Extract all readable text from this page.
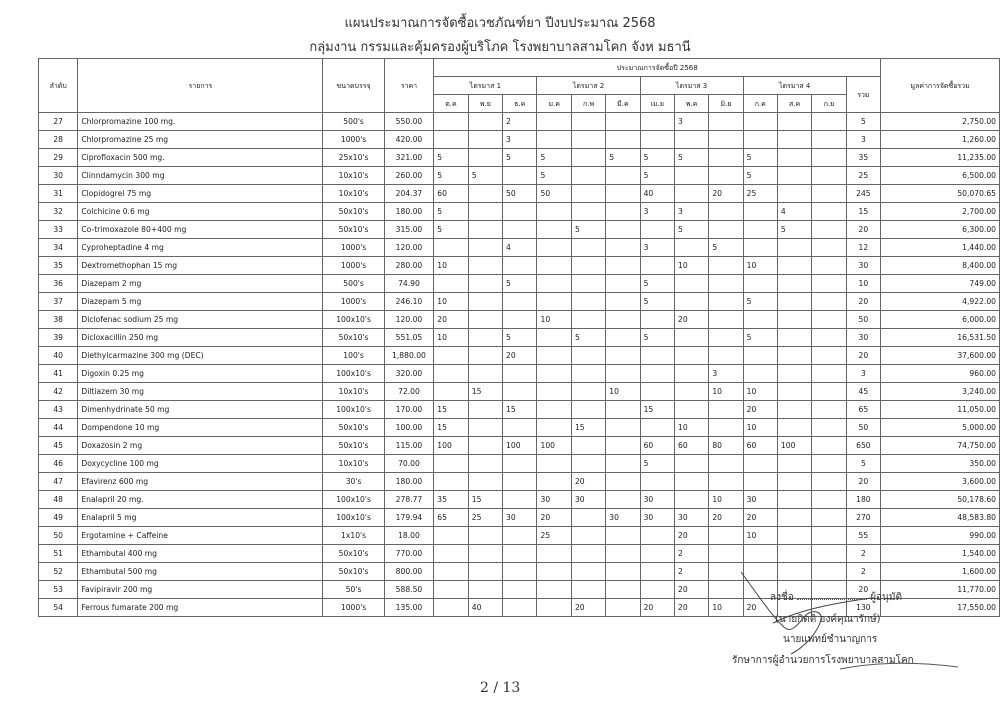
แผนประมาณการจัดซื้อเวชภัณฑ์ยา ปีงบประมาณ 2568
กลุ่มงาน กรรมและคุ้มครองผู้บริโภค โรงพยาบาลสามโคก จังห มธานี
ลำดับ	รายการ	ขนาดบรรจุ	ราคา	ประมาณการจัดซื้อปี 2568													มูลค่าการจัดซื้อรวม
				ไตรมาส 1			ไตรมาส 2			ไตรมาส 3			ไตรมาส 4			รวม	
				ต.ค	พ.ย	ธ.ค	ม.ค	ก.พ	มี.ค	เม.ย	พ.ค	มิ.ย	ก.ค	ส.ค	ก.ย		
27	Chlorpromazine 100 mg.	500's	550.00			2					3					5	2,750.00
28	Chlorpromazine 25 mg	1000's	420.00			3										3	1,260.00
29	Ciprofloxacin 500 mg.	25x10's	321.00	5		5	5		5	5	5		5			35	11,235.00
30	Clinndamycin 300 mg	10x10's	260.00	5	5		5			5			5			25	6,500.00
31	Clopidogrel 75 mg	10x10's	204.37	60		50	50			40		20	25			245	50,070.65
32	Colchicine 0.6 mg	50x10's	180.00	5						3	3			4		15	2,700.00
33	Co-trimoxazole 80+400 mg	50x10's	315.00	5				5			5			5		20	6,300.00
34	Cyproheptadine 4 mg	1000's	120.00			4				3		5				12	1,440.00
35	Dextromethophan 15 mg	1000's	280.00	10							10		10			30	8,400.00
36	Diazepam 2 mg	500's	74.90			5				5						10	749.00
37	Diazepam 5 mg	1000's	246.10	10						5			5			20	4,922.00
38	Diclofenac sodium 25 mg	100x10's	120.00	20			10				20					50	6,000.00
39	Dicloxacillin 250 mg	50x10's	551.05	10		5		5		5			5			30	16,531.50
40	Diethylcarmazine 300 mg (DEC)	100's	1,880.00			20										20	37,600.00
41	Digoxin 0.25 mg	100x10's	320.00									3				3	960.00
42	Diltiazem 30 mg	10x10's	72.00		15				10			10	10			45	3,240.00
43	Dimenhydrinate 50 mg	100x10's	170.00	15		15				15			20			65	11,050.00
44	Dompendone 10 mg	50x10's	100.00	15				15			10		10			50	5,000.00
45	Doxazosin 2 mg	50x10's	115.00	100		100	100			60	60	80	60	100		650	74,750.00
46	Doxycycline 100 mg	10x10's	70.00							5						5	350.00
47	Efavirenz 600 mg	30's	180.00					20								20	3,600.00
48	Enalapril 20 mg.	100x10's	278.77	35	15		30	30		30		10	30			180	50,178.60
49	Enalapril 5 mg	100x10's	179.94	65	25	30	20		30	30	30	20	20			270	48,583.80
50	Ergotamine + Caffeine	1x10's	18.00				25				20		10			55	990.00
51	Ethambutal 400 mg	50x10's	770.00								2					2	1,540.00
52	Ethambutal 500 mg	50x10's	800.00								2					2	1,600.00
53	Favipiravir 200 mg	50's	588.50								20					20	11,770.00
54	Ferrous fumarate 200 mg	1000's	135.00		40			20		20	20	10	20			130	17,550.00
ลงชื่อ	ผู้อนุมัติ
(นายกิตติ องค์คุณารักษ์)
นายแพทย์ชำนาญการ
รักษาการผู้อำนวยการโรงพยาบาลสามโคก
2 / 13
